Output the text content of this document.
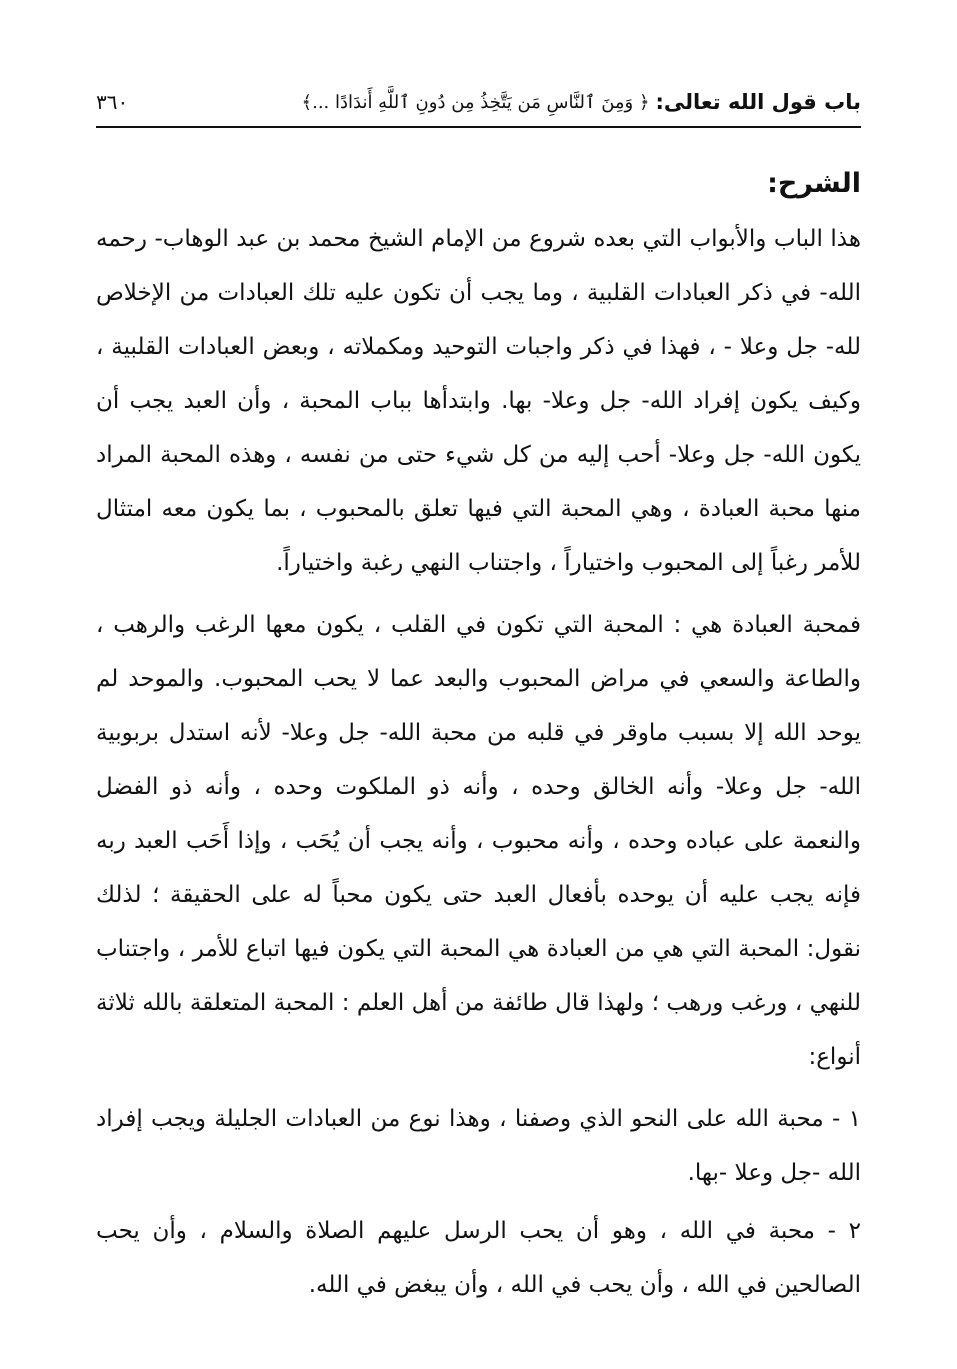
باب قول الله تعالى:
﴿ وَمِنَ ٱلنَّاسِ مَن يَتَّخِذُ مِن دُونِ ٱللَّهِ أَندَادًا ...﴾
٣٦٠
الشرح:

هذا الباب والأبواب التي بعده شروع من الإمام الشيخ محمد بن عبد الوهاب- رحمه الله- في ذكر العبادات القلبية ، وما يجب أن تكون عليه تلك العبادات من الإخلاص لله- جل وعلا - ، فهذا في ذكر واجبات التوحيد ومكملاته ، وبعض العبادات القلبية ، وكيف يكون إفراد الله- جل وعلا- بها. وابتدأها بباب المحبة ، وأن العبد يجب أن يكون الله- جل وعلا- أحب إليه من كل شيء حتى من نفسه ، وهذه المحبة المراد منها محبة العبادة ، وهي المحبة التي فيها تعلق بالمحبوب ، بما يكون معه امتثال للأمر رغباً إلى المحبوب واختياراً ، واجتناب النهي رغبة واختياراً.

فمحبة العبادة هي : المحبة التي تكون في القلب ، يكون معها الرغب والرهب ، والطاعة والسعي في مراض المحبوب والبعد عما لا يحب المحبوب. والموحد لم يوحد الله إلا بسبب ماوقر في قلبه من محبة الله- جل وعلا- لأنه استدل بربوبية الله- جل وعلا- وأنه الخالق وحده ، وأنه ذو الملكوت وحده ، وأنه ذو الفضل والنعمة على عباده وحده ، وأنه محبوب ، وأنه يجب أن يُحَب ، وإذا أَحَب العبد ربه فإنه يجب عليه أن يوحده بأفعال العبد حتى يكون محباً له على الحقيقة ؛ لذلك نقول: المحبة التي هي من العبادة هي المحبة التي يكون فيها اتباع للأمر ، واجتناب للنهي ، ورغب ورهب ؛ ولهذا قال طائفة من أهل العلم : المحبة المتعلقة بالله ثلاثة أنواع:

١ - محبة الله على النحو الذي وصفنا ، وهذا نوع من العبادات الجليلة ويجب إفراد الله -جل وعلا -بها.

٢ - محبة في الله ، وهو أن يحب الرسل عليهم الصلاة والسلام ، وأن يحب الصالحين في الله ، وأن يحب في الله ، وأن يبغض في الله.
